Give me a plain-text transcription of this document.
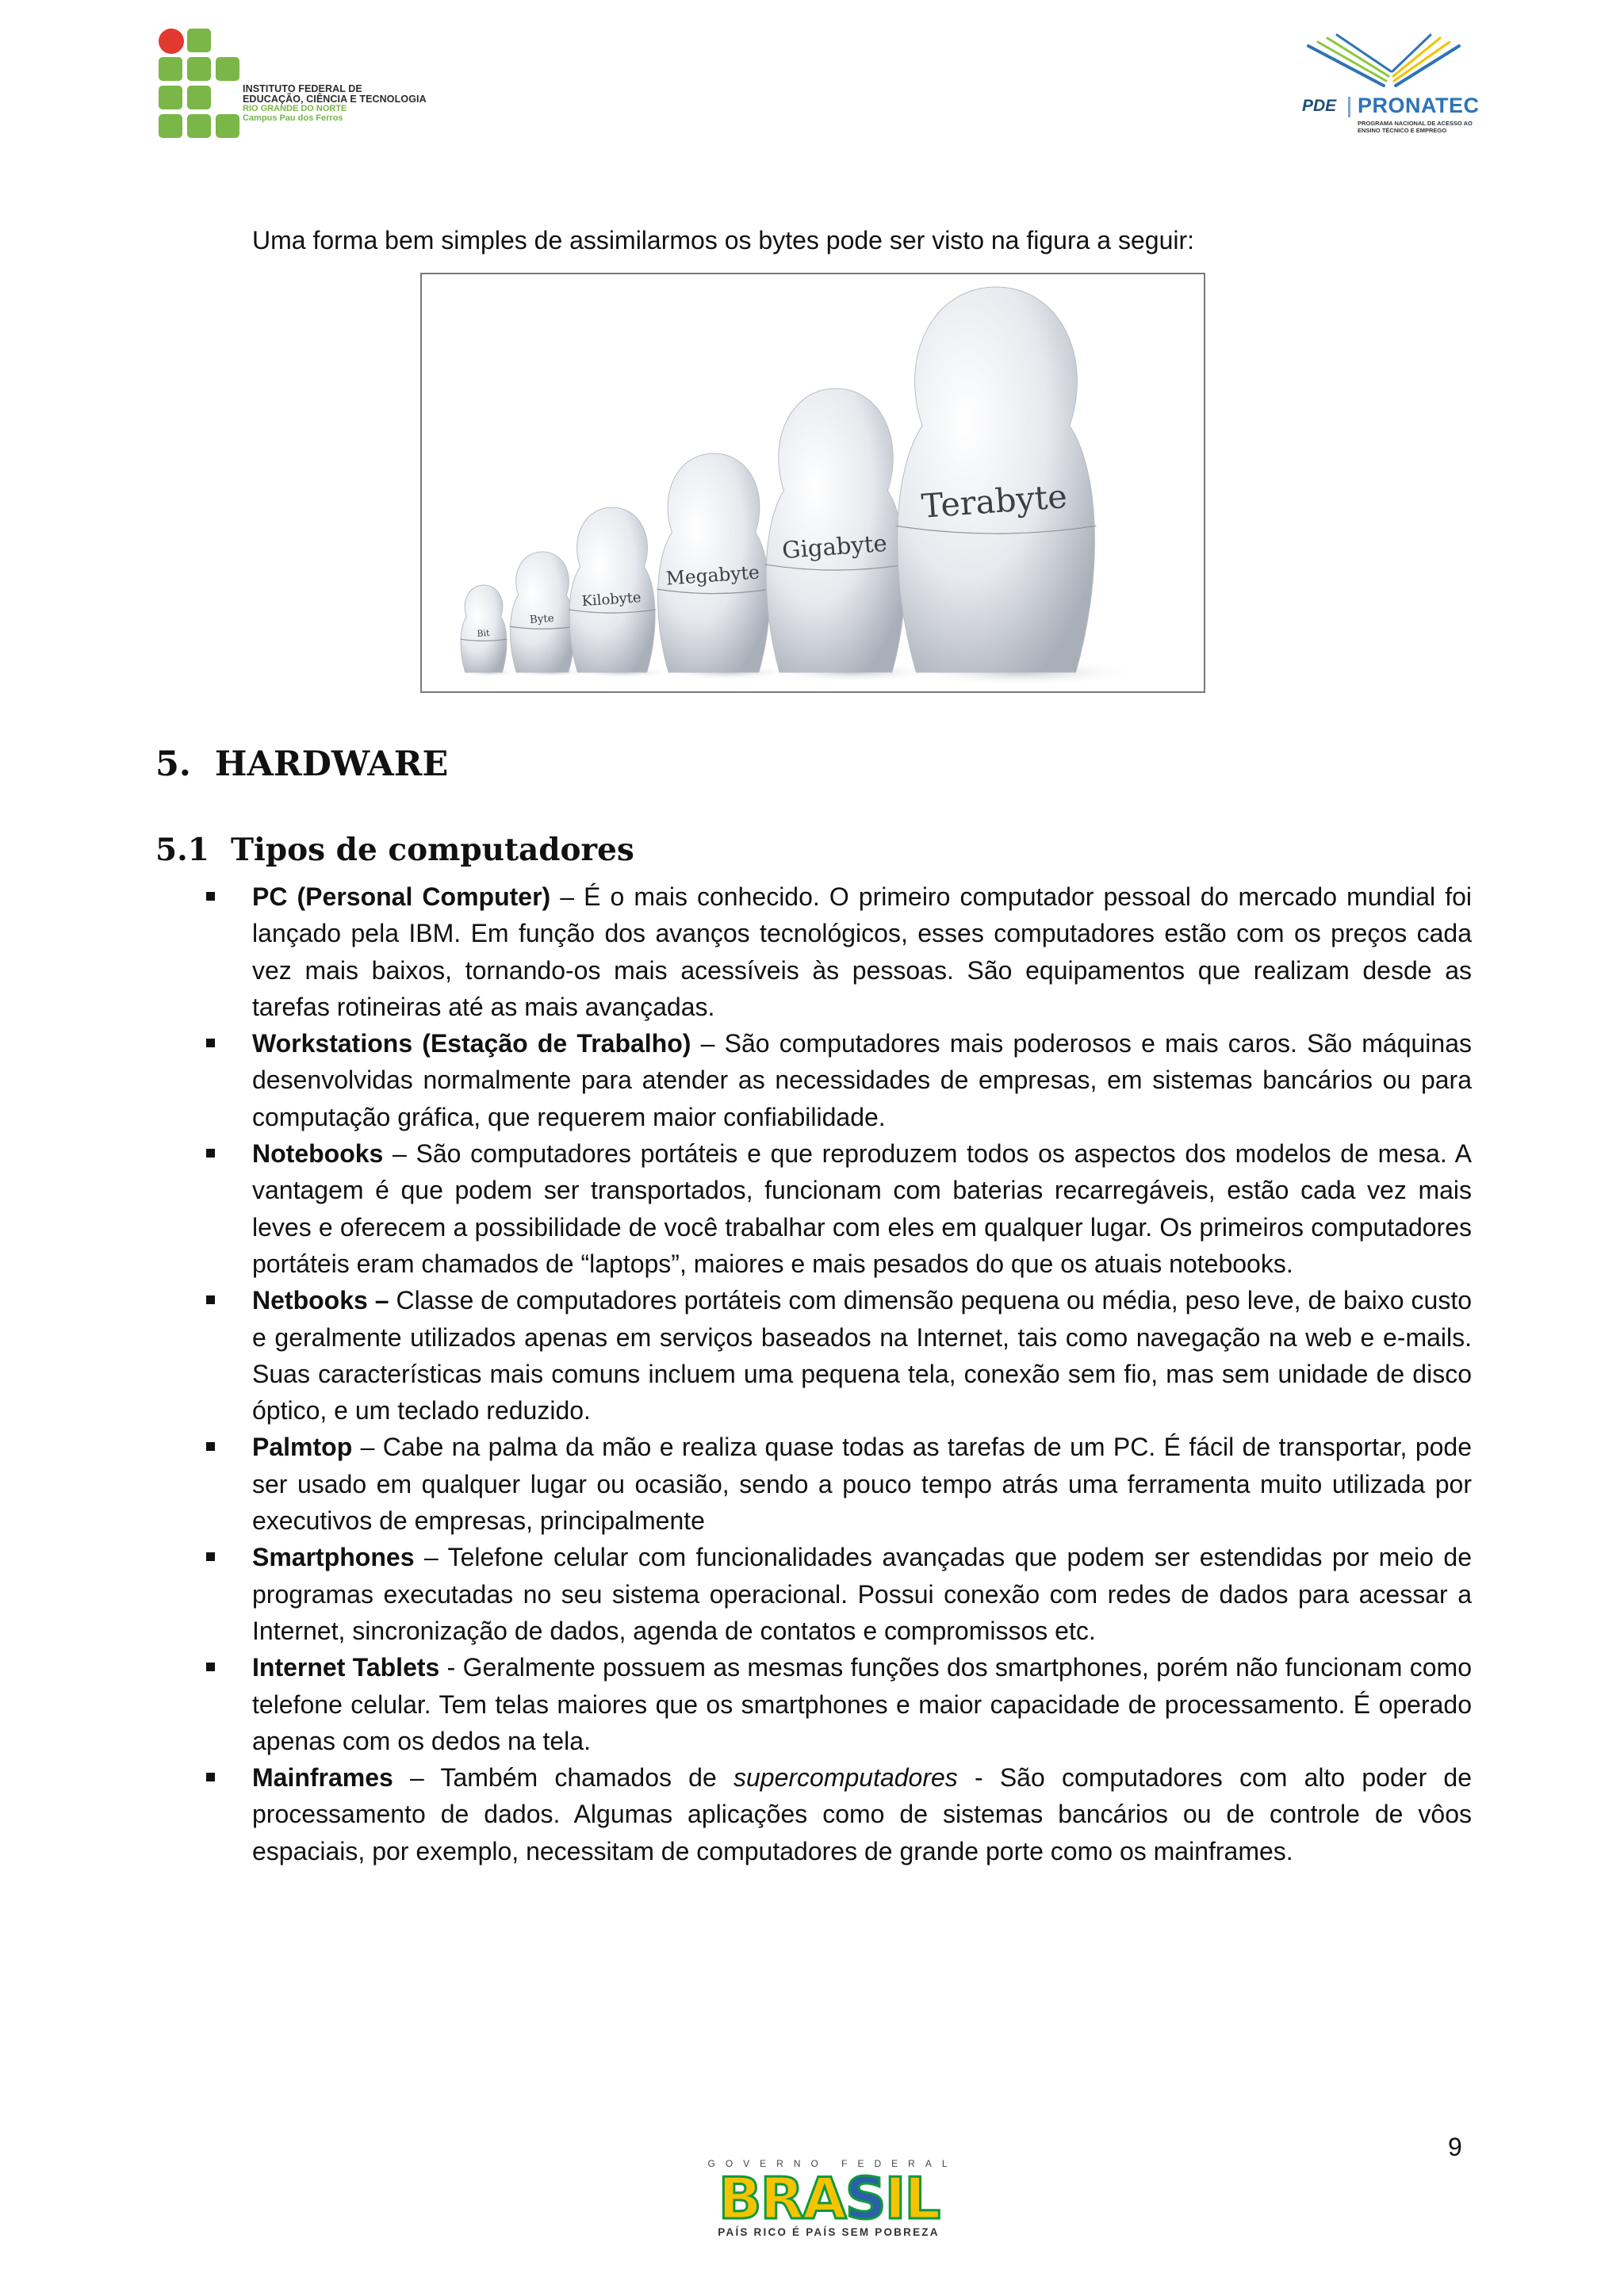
INSTITUTO FEDERAL DE
EDUCAÇÃO, CIÊNCIA E TECNOLOGIA
RIO GRANDE DO NORTE
Campus Pau dos Ferros
PDE PRONATEC
PROGRAMA NACIONAL DE ACESSO AO
ENSINO TÉCNICO E EMPREGO

Uma forma bem simples de assimilarmos os bytes pode ser visto na figura a seguir:

Bit
Byte
Kilobyte
Megabyte
Gigabyte
Terabyte
5. HARDWARE
5.1 Tipos de computadores
PC (Personal Computer) – É o mais conhecido. O primeiro computador pessoal do mercado mundial foi lançado pela IBM. Em função dos avanços tecnológicos, esses computadores estão com os preços cada vez mais baixos, tornando-os mais acessíveis às pessoas. São equipamentos que realizam desde as tarefas rotineiras até as mais avançadas.
Workstations (Estação de Trabalho) – São computadores mais poderosos e mais caros. São máquinas desenvolvidas normalmente para atender as necessidades de empresas, em sistemas bancários ou para computação gráfica, que requerem maior confiabilidade.
Notebooks – São computadores portáteis e que reproduzem todos os aspectos dos modelos de mesa. A vantagem é que podem ser transportados, funcionam com baterias recarregáveis, estão cada vez mais leves e oferecem a possibilidade de você trabalhar com eles em qualquer lugar. Os primeiros computadores portáteis eram chamados de “laptops”, maiores e mais pesados do que os atuais notebooks.
Netbooks – Classe de computadores portáteis com dimensão pequena ou média, peso leve, de baixo custo e geralmente utilizados apenas em serviços baseados na Internet, tais como navegação na web e e-mails. Suas características mais comuns incluem uma pequena tela, conexão sem fio, mas sem unidade de disco óptico, e um teclado reduzido.
Palmtop – Cabe na palma da mão e realiza quase todas as tarefas de um PC. É fácil de transportar, pode ser usado em qualquer lugar ou ocasião, sendo a pouco tempo atrás uma ferramenta muito utilizada por executivos de empresas, principalmente
Smartphones – Telefone celular com funcionalidades avançadas que podem ser estendidas por meio de programas executadas no seu sistema operacional. Possui conexão com redes de dados para acessar a Internet, sincronização de dados, agenda de contatos e compromissos etc.
Internet Tablets - Geralmente possuem as mesmas funções dos smartphones, porém não funcionam como telefone celular. Tem telas maiores que os smartphones e maior capacidade de processamento. É operado apenas com os dedos na tela.
Mainframes – Também chamados de supercomputadores - São computadores com alto poder de processamento de dados. Algumas aplicações como de sistemas bancários ou de controle de vôos espaciais, por exemplo, necessitam de computadores de grande porte como os mainframes.
9
GOVERNO FEDERAL
BRASIL
PAÍS RICO É PAÍS SEM POBREZA
